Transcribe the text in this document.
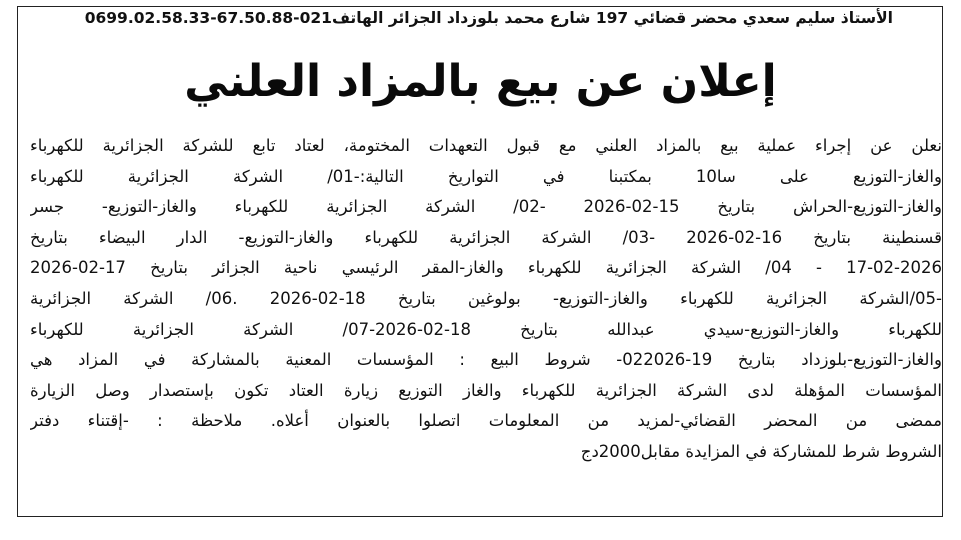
الأستاذ سليم سعدي محضر قضائي 197 شارع محمد بلوزداد الجزائر الهاتف021-67.50.88-0699.02.58.33
إعلان عن بيع بالمزاد العلني
نعلن عن إجراء عملية بيع بالمزاد العلني مع قبول التعهدات المختومة، لعتاد تابع للشركة الجزائرية للكهرباء
والغاز-التوزيع على سا10 بمكتبنا في التواريخ التالية:-01/ الشركة الجزائرية للكهرباء
والغاز-التوزيع-الحراش بتاريخ 15-02-2026 -02/ الشركة الجزائرية للكهرباء والغاز-التوزيع- جسر
قسنطينة بتاريخ 16-02-2026 -03/ الشركة الجزائرية للكهرباء والغاز-التوزيع- الدار البيضاء بتاريخ
17-02-2026 - 04/ الشركة الجزائرية للكهرباء والغاز-المقر الرئيسي ناحية الجزائر بتاريخ 17-02-2026
-05/الشركة الجزائرية للكهرباء والغاز-التوزيع- بولوغين بتاريخ 18-02-2026 .06/ الشركة الجزائرية
للكهرباء والغاز-التوزيع-سيدي عبدالله بتاريخ 18-02-2026-07/ الشركة الجزائرية للكهرباء
والغاز-التوزيع-بلوزداد بتاريخ 19-022026- شروط البيع : المؤسسات المعنية بالمشاركة في المزاد هي
المؤسسات المؤهلة لدى الشركة الجزائرية للكهرباء والغاز التوزيع زيارة العتاد تكون بإستصدار وصل الزيارة
ممضى من المحضر القضائي-لمزيد من المعلومات اتصلوا بالعنوان أعلاه. ملاحظة : -إقتناء دفتر
الشروط شرط للمشاركة في المزايدة مقابل2000دج
